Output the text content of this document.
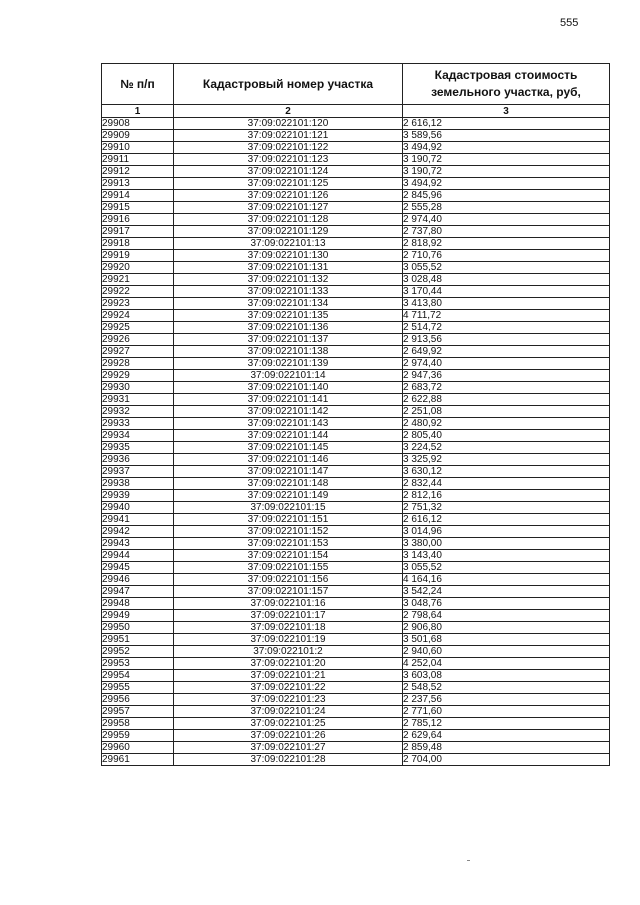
555
№ п/п	Кадастровый номер участка	Кадастровая стоимость
земельного участка, руб,

1	2	3
29908	37:09:022101:120	2 616,12
29909	37:09:022101:121	3 589,56
29910	37:09:022101:122	3 494,92
29911	37:09:022101:123	3 190,72
29912	37:09:022101:124	3 190,72
29913	37:09:022101:125	3 494,92
29914	37:09:022101:126	2 845,96
29915	37:09:022101:127	2 555,28
29916	37:09:022101:128	2 974,40
29917	37:09:022101:129	2 737,80
29918	37:09:022101:13	2 818,92
29919	37:09:022101:130	2 710,76
29920	37:09:022101:131	3 055,52
29921	37:09:022101:132	3 028,48
29922	37:09:022101:133	3 170,44
29923	37:09:022101:134	3 413,80
29924	37:09:022101:135	4 711,72
29925	37:09:022101:136	2 514,72
29926	37:09:022101:137	2 913,56
29927	37:09:022101:138	2 649,92
29928	37:09:022101:139	2 974,40
29929	37:09:022101:14	2 947,36
29930	37:09:022101:140	2 683,72
29931	37:09:022101:141	2 622,88
29932	37:09:022101:142	2 251,08
29933	37:09:022101:143	2 480,92
29934	37:09:022101:144	2 805,40
29935	37:09:022101:145	3 224,52
29936	37:09:022101:146	3 325,92
29937	37:09:022101:147	3 630,12
29938	37:09:022101:148	2 832,44
29939	37:09:022101:149	2 812,16
29940	37:09:022101:15	2 751,32
29941	37:09:022101:151	2 616,12
29942	37:09:022101:152	3 014,96
29943	37:09:022101:153	3 380,00
29944	37:09:022101:154	3 143,40
29945	37:09:022101:155	3 055,52
29946	37:09:022101:156	4 164,16
29947	37:09:022101:157	3 542,24
29948	37:09:022101:16	3 048,76
29949	37:09:022101:17	2 798,64
29950	37:09:022101:18	2 906,80
29951	37:09:022101:19	3 501,68
29952	37:09:022101:2	2 940,60
29953	37:09:022101:20	4 252,04
29954	37:09:022101:21	3 603,08
29955	37:09:022101:22	2 548,52
29956	37:09:022101:23	2 237,56
29957	37:09:022101:24	2 771,60
29958	37:09:022101:25	2 785,12
29959	37:09:022101:26	2 629,64
29960	37:09:022101:27	2 859,48
29961	37:09:022101:28	2 704,00
